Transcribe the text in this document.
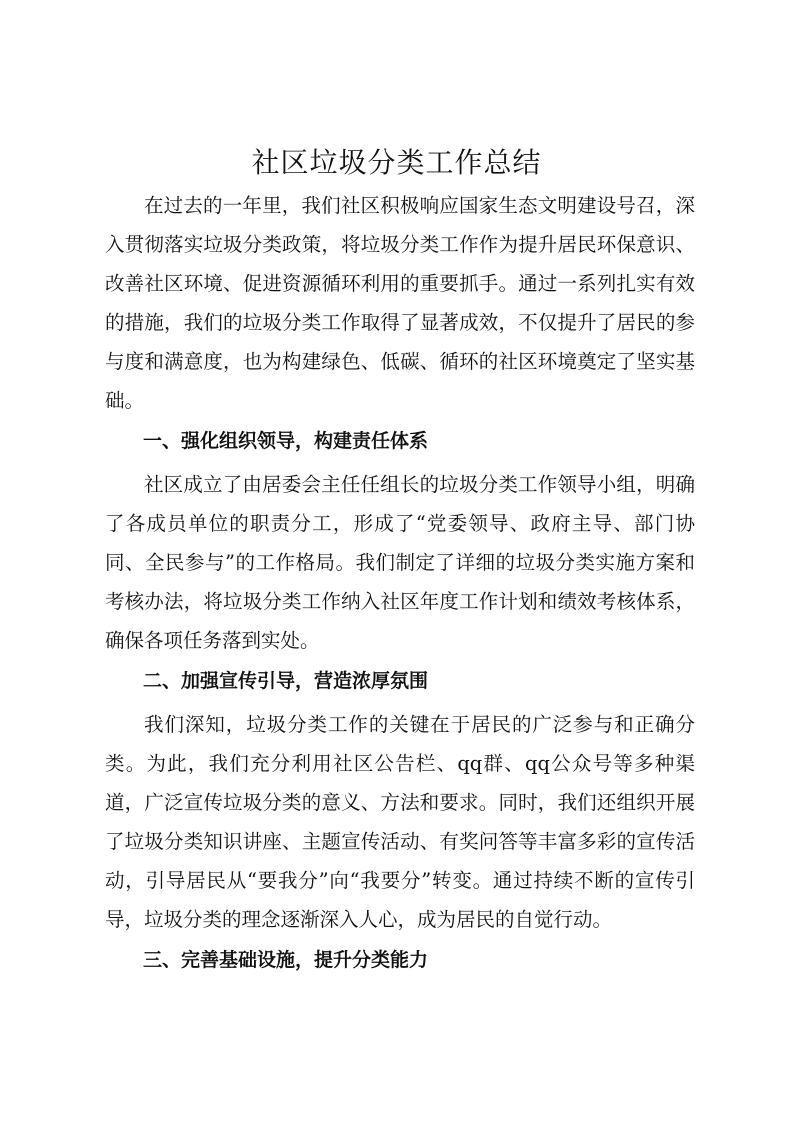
社区垃圾分类工作总结

在过去的一年里，我们社区积极响应国家生态文明建设号召，深入贯彻落实垃圾分类政策，将垃圾分类工作作为提升居民环保意识、改善社区环境、促进资源循环利用的重要抓手。通过一系列扎实有效的措施，我们的垃圾分类工作取得了显著成效，不仅提升了居民的参与度和满意度，也为构建绿色、低碳、循环的社区环境奠定了坚实基础。

一、强化组织领导，构建责任体系

社区成立了由居委会主任任组长的垃圾分类工作领导小组，明确了各成员单位的职责分工，形成了“党委领导、政府主导、部门协同、全民参与”的工作格局。我们制定了详细的垃圾分类实施方案和考核办法，将垃圾分类工作纳入社区年度工作计划和绩效考核体系，确保各项任务落到实处。

二、加强宣传引导，营造浓厚氛围

我们深知，垃圾分类工作的关键在于居民的广泛参与和正确分类。为此，我们充分利用社区公告栏、qq群、qq公众号等多种渠道，广泛宣传垃圾分类的意义、方法和要求。同时，我们还组织开展了垃圾分类知识讲座、主题宣传活动、有奖问答等丰富多彩的宣传活动，引导居民从“要我分”向“我要分”转变。通过持续不断的宣传引导，垃圾分类的理念逐渐深入人心，成为居民的自觉行动。

三、完善基础设施，提升分类能力
